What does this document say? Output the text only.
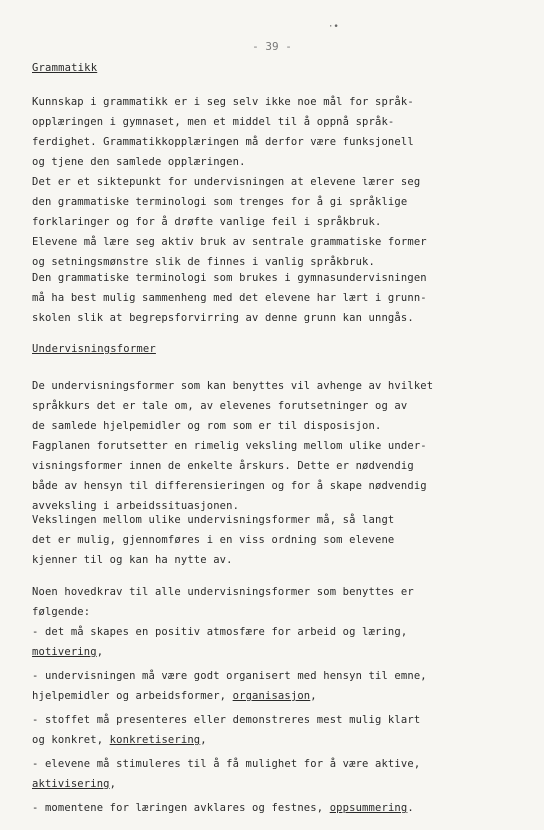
·•
- 39 -
Grammatikk

Kunnskap i grammatikk er i seg selv ikke noe mål for språk-

opplæringen i gymnaset, men et middel til å oppnå språk-

ferdighet. Grammatikkopplæringen må derfor være funksjonell

og tjene den samlede opplæringen.

Det er et siktepunkt for undervisningen at elevene lærer seg

den grammatiske terminologi som trenges for å gi språklige

forklaringer og for å drøfte vanlige feil i språkbruk.

Elevene må lære seg aktiv bruk av sentrale grammatiske former

og setningsmønstre slik de finnes i vanlig språkbruk.

Den grammatiske terminologi som brukes i gymnasundervisningen

må ha best mulig sammenheng med det elevene har lært i grunn-

skolen slik at begrepsforvirring av denne grunn kan unngås.

Undervisningsformer

De undervisningsformer som kan benyttes vil avhenge av hvilket

språkkurs det er tale om, av elevenes forutsetninger og av

de samlede hjelpemidler og rom som er til disposisjon.

Fagplanen forutsetter en rimelig veksling mellom ulike under-

visningsformer innen de enkelte årskurs. Dette er nødvendig

både av hensyn til differensieringen og for å skape nødvendig

avveksling i arbeidssituasjonen.

Vekslingen mellom ulike undervisningsformer må, så langt

det er mulig, gjennomføres i en viss ordning som elevene

kjenner til og kan ha nytte av.

Noen hovedkrav til alle undervisningsformer som benyttes er

følgende:

- det må skapes en positiv atmosfære for arbeid og læring,

motivering,

- undervisningen må være godt organisert med hensyn til emne,

hjelpemidler og arbeidsformer, organisasjon,

- stoffet må presenteres eller demonstreres mest mulig klart

og konkret, konkretisering,

- elevene må stimuleres til å få mulighet for å være aktive,

aktivisering,

- momentene for læringen avklares og festnes, oppsummering.
